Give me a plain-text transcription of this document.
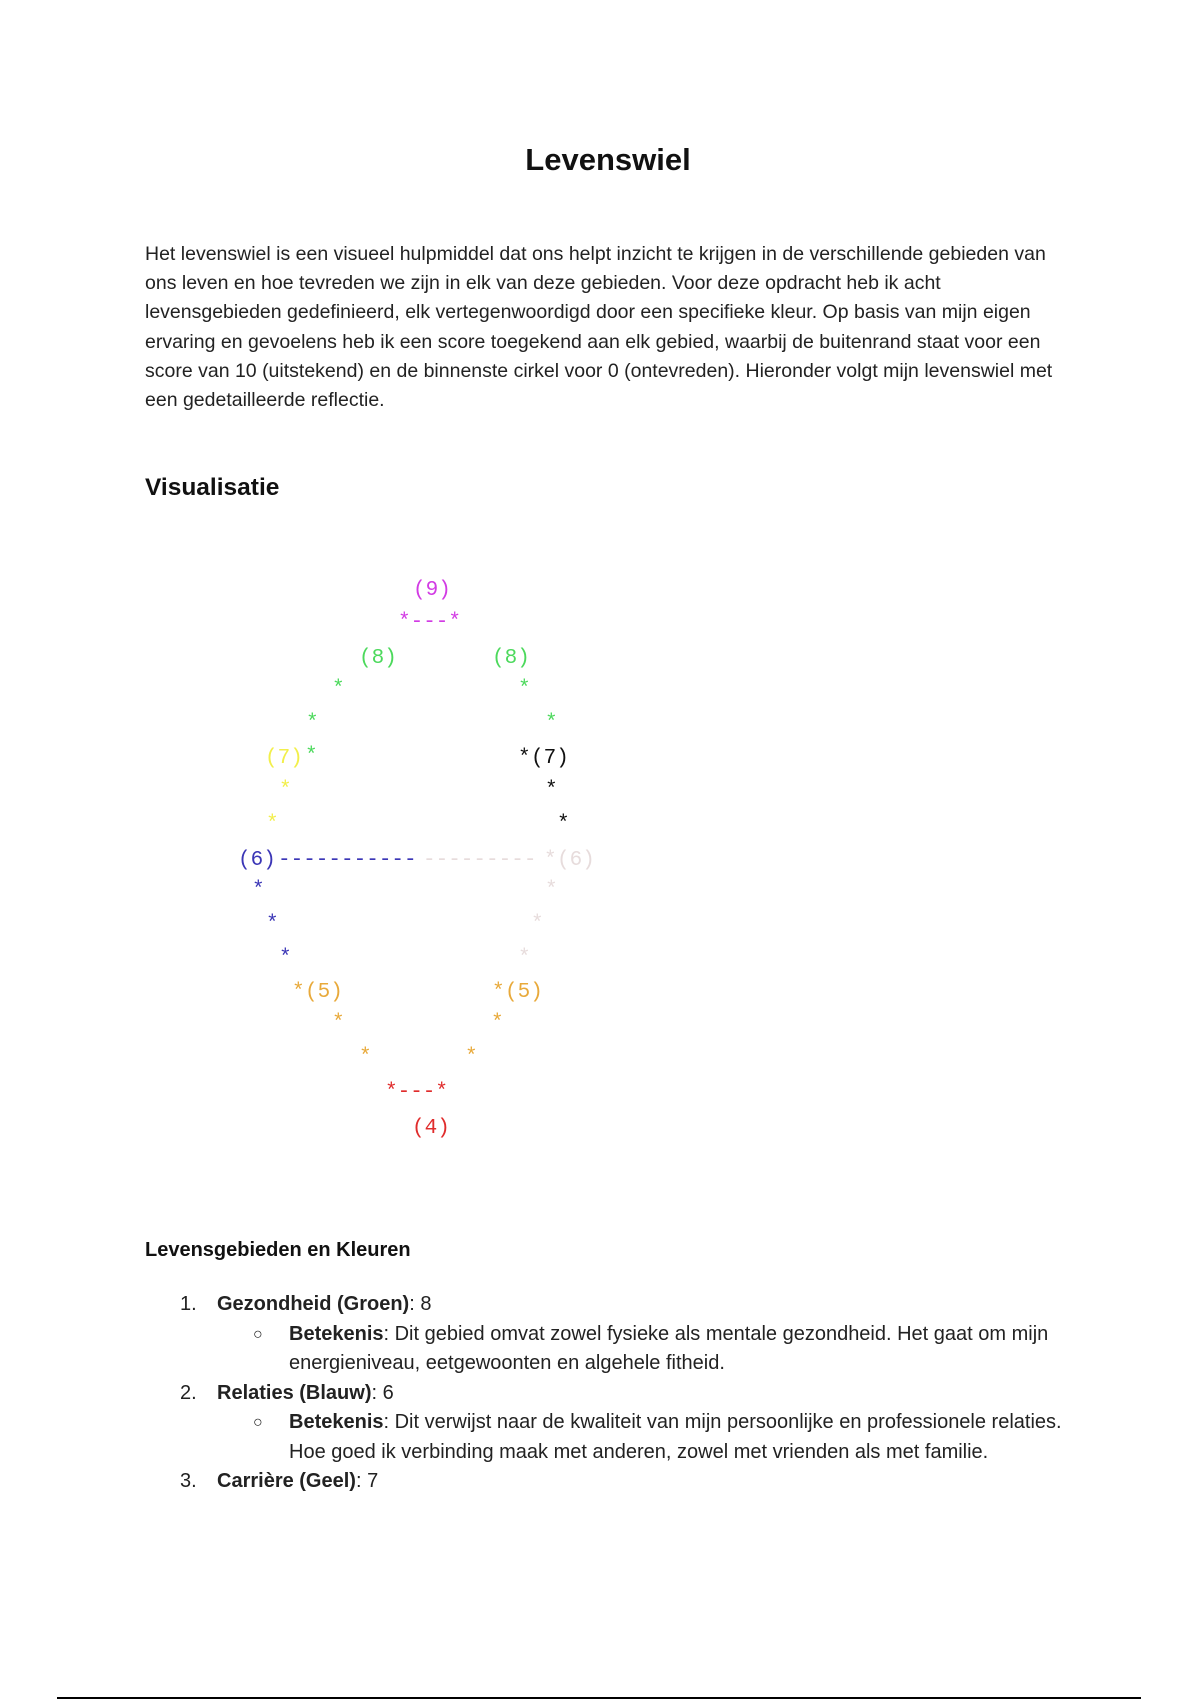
Levenswiel

Het levenswiel is een visueel hulpmiddel dat ons helpt inzicht te krijgen in de verschillende gebieden van ons leven en hoe tevreden we zijn in elk van deze gebieden. Voor deze opdracht heb ik acht levensgebieden gedefinieerd, elk vertegenwoordigd door een specifieke kleur. Op basis van mijn eigen ervaring en gevoelens heb ik een score toegekend aan elk gebied, waarbij de buitenrand staat voor een score van 10 (uitstekend) en de binnenste cirkel voor 0 (ontevreden). Hieronder volgt mijn levenswiel met een gedetailleerde reflectie.

Visualisatie
(9)
*---*
(8)	(8)
*	*
*	*
(7) *	* (7)
*	*
*	*
(6) ----------- --------- * (6)
*	*
*	*
*	*
* (5)	* (5)
*	*
*	*
*---*
(4)
Levensgebieden en Kleuren
1. Gezondheid (Groen): 8
○ Betekenis: Dit gebied omvat zowel fysieke als mentale gezondheid. Het gaat om mijn energieniveau, eetgewoonten en algehele fitheid.
2. Relaties (Blauw): 6
○ Betekenis: Dit verwijst naar de kwaliteit van mijn persoonlijke en professionele relaties. Hoe goed ik verbinding maak met anderen, zowel met vrienden als met familie.
3. Carrière (Geel): 7
